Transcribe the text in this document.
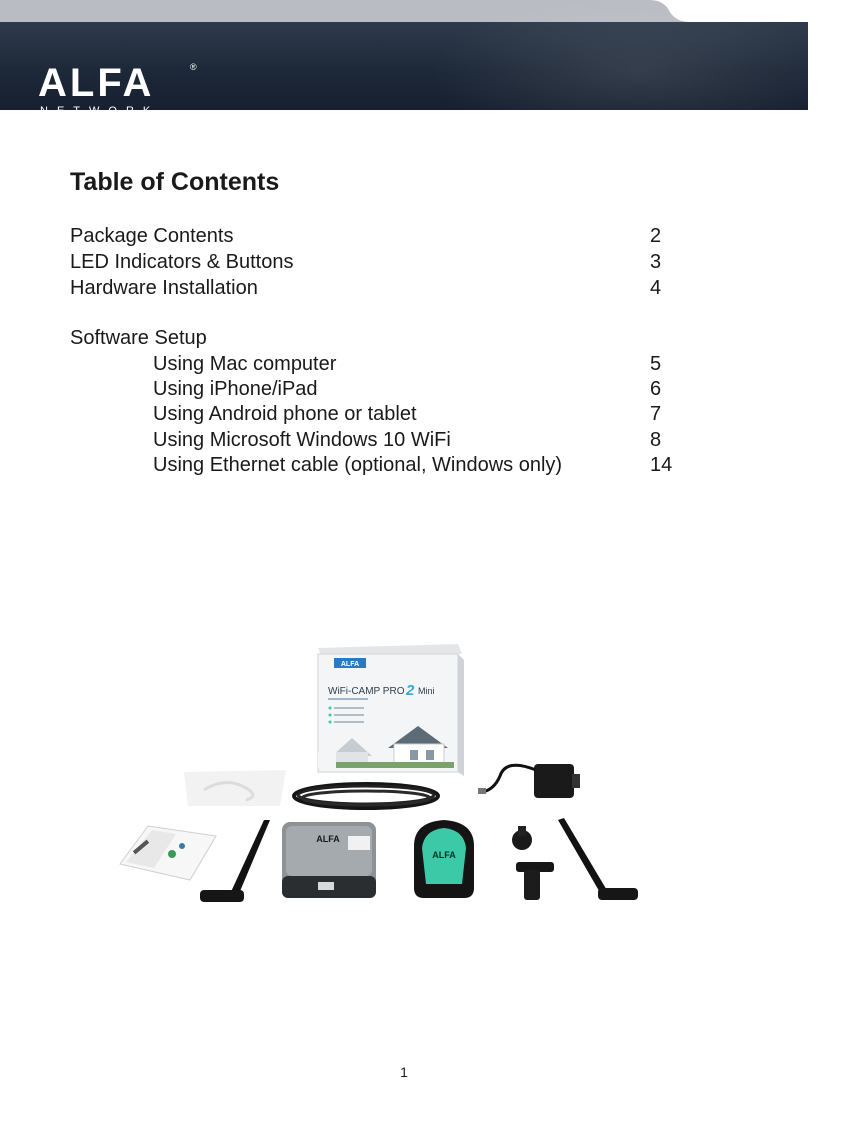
ALFA	®
NETWORK
Table of Contents
Package Contents	2
LED Indicators & Buttons	3
Hardware Installation	4
Software Setup
Using Mac computer	5
Using iPhone/iPad	6
Using Android phone or tablet	7
Using Microsoft Windows 10 WiFi	8
Using Ethernet cable (optional, Windows only)	14
ALFA
WiFi-CAMP PRO 2 Mini
ALFA
ALFA
1
